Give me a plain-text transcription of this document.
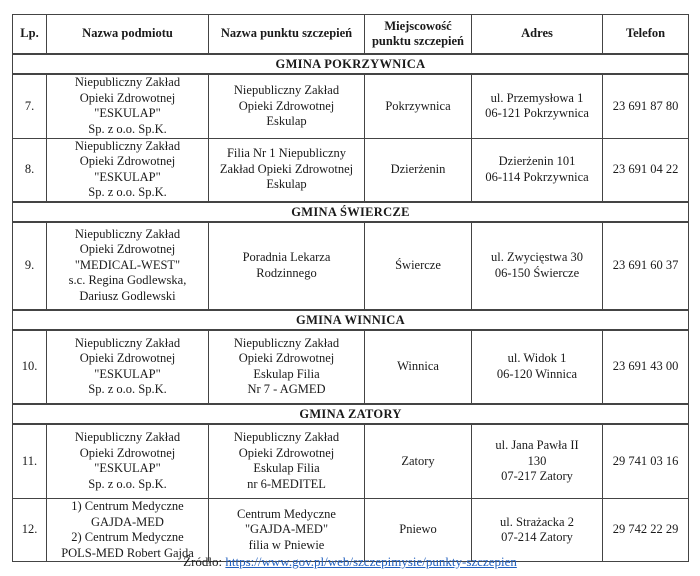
Lp.	Nazwa podmiotu	Nazwa punktu szczepień	Miejscowość
punktu szczepień	Adres	Telefon
GMINA POKRZYWNICA					
7.	Niepubliczny Zakład
Opieki Zdrowotnej
"ESKULAP"
Sp. z o.o. Sp.K.	Niepubliczny Zakład
Opieki Zdrowotnej
Eskulap	Pokrzywnica	ul. Przemysłowa 1
06-121 Pokrzywnica	23 691 87 80
8.	Niepubliczny Zakład
Opieki Zdrowotnej
"ESKULAP"
Sp. z o.o. Sp.K.	Filia Nr 1 Niepubliczny
Zakład Opieki Zdrowotnej
Eskulap	Dzierżenin	Dzierżenin 101
06-114 Pokrzywnica	23 691 04 22
GMINA ŚWIERCZE					
9.	Niepubliczny Zakład
Opieki Zdrowotnej
"MEDICAL-WEST"
s.c. Regina Godlewska,
Dariusz Godlewski	Poradnia Lekarza
Rodzinnego	Świercze	ul. Zwycięstwa 30
06-150 Świercze	23 691 60 37
GMINA WINNICA					
10.	Niepubliczny Zakład
Opieki Zdrowotnej
"ESKULAP"
Sp. z o.o. Sp.K.	Niepubliczny Zakład
Opieki Zdrowotnej
Eskulap Filia
Nr 7 - AGMED	Winnica	ul. Widok 1
06-120 Winnica	23 691 43 00
GMINA ZATORY					
11.	Niepubliczny Zakład
Opieki Zdrowotnej
"ESKULAP"
Sp. z o.o. Sp.K.	Niepubliczny Zakład
Opieki Zdrowotnej
Eskulap Filia
nr 6-MEDITEL	Zatory	ul. Jana Pawła II
130
07-217 Zatory	29 741 03 16
12.	1) Centrum Medyczne
GAJDA-MED
2) Centrum Medyczne
POLS-MED Robert Gajda	Centrum Medyczne
"GAJDA-MED"
filia w Pniewie	Pniewo	ul. Strażacka 2
07-214 Zatory	29 742 22 29
Źródło: https://www.gov.pl/web/szczepimysie/punkty-szczepien
